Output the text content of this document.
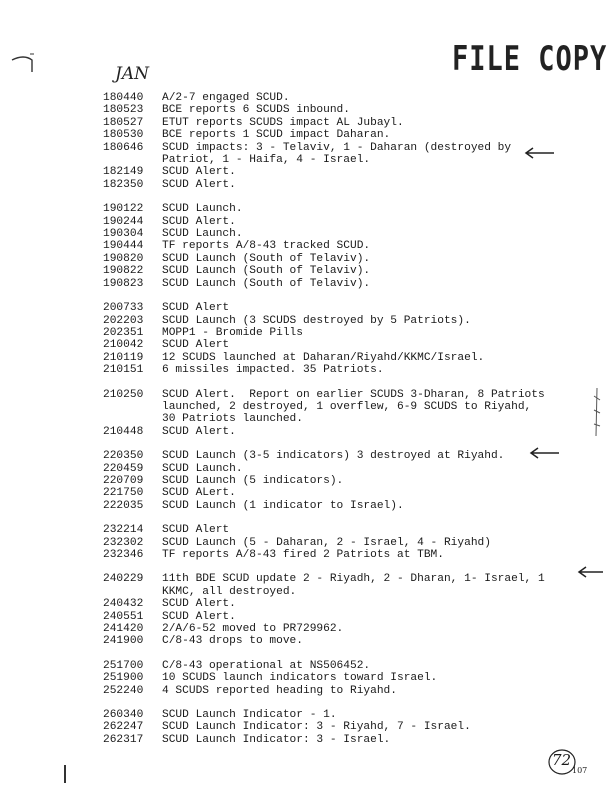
FILE COPY
JAN
180440	A/2-7 engaged SCUD.
180523	BCE reports 6 SCUDS inbound.
180527	ETUT reports SCUDS impact AL Jubayl.
180530	BCE reports 1 SCUD impact Daharan.
180646	SCUD impacts: 3 - Telaviv, 1 - Daharan (destroyed by
Patriot, 1 - Haifa, 4 - Israel.
182149	SCUD Alert.
182350	SCUD Alert.
190122	SCUD Launch.
190244	SCUD Alert.
190304	SCUD Launch.
190444	TF reports A/8-43 tracked SCUD.
190820	SCUD Launch (South of Telaviv).
190822	SCUD Launch (South of Telaviv).
190823	SCUD Launch (South of Telaviv).
200733	SCUD Alert
202203	SCUD Launch (3 SCUDS destroyed by 5 Patriots).
202351	MOPP1 - Bromide Pills
210042	SCUD Alert
210119	12 SCUDS launched at Daharan/Riyahd/KKMC/Israel.
210151	6 missiles impacted. 35 Patriots.
210250	SCUD Alert.  Report on earlier SCUDS 3-Dharan, 8 Patriots
launched, 2 destroyed, 1 overflew, 6-9 SCUDS to Riyahd,
30 Patriots launched.
210448	SCUD Alert.
220350	SCUD Launch (3-5 indicators) 3 destroyed at Riyahd.
220459	SCUD Launch.
220709	SCUD Launch (5 indicators).
221750	SCUD ALert.
222035	SCUD Launch (1 indicator to Israel).
232214	SCUD Alert
232302	SCUD Launch (5 - Daharan, 2 - Israel, 4 - Riyahd)
232346	TF reports A/8-43 fired 2 Patriots at TBM.
240229	11th BDE SCUD update 2 - Riyadh, 2 - Dharan, 1- Israel, 1
KKMC, all destroyed.
240432	SCUD Alert.
240551	SCUD Alert.
241420	2/A/6-52 moved to PR729962.
241900	C/8-43 drops to move.
251700	C/8-43 operational at NS506452.
251900	10 SCUDS launch indicators toward Israel.
252240	4 SCUDS reported heading to Riyahd.
260340	SCUD Launch Indicator - 1.
262247	SCUD Launch Indicator: 3 - Riyahd, 7 - Israel.
262317	SCUD Launch Indicator: 3 - Israel.
72
107
